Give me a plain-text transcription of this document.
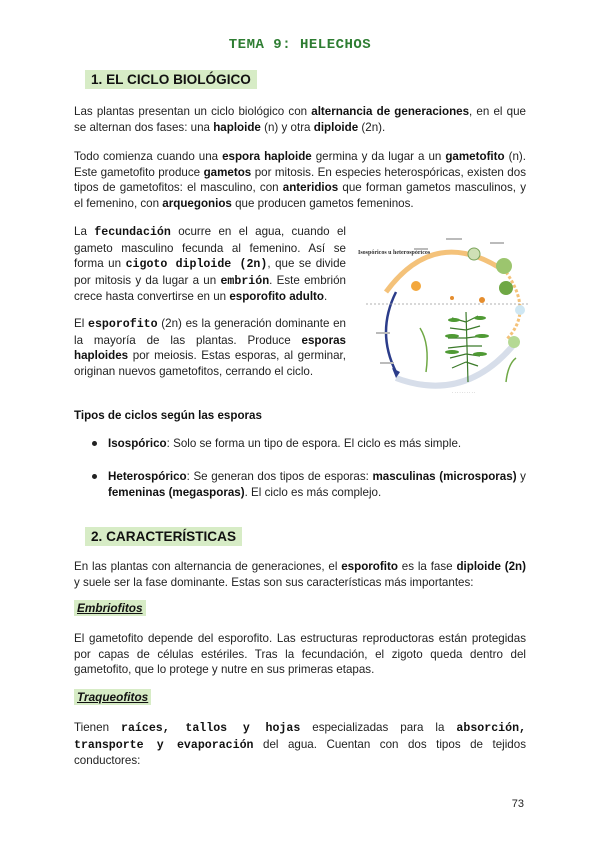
TEMA 9: HELECHOS
1. EL CICLO BIOLÓGICO

Las plantas presentan un ciclo biológico con alternancia de generaciones, en el que se alternan dos fases: una haploide (n) y otra diploide (2n).

Todo comienza cuando una espora haploide germina y da lugar a un gametofito (n). Este gametofito produce gametos por mitosis. En especies heterospóricas, existen dos tipos de gametofitos: el masculino, con anteridios que forman gametos masculinos, y el femenino, con arquegonios que producen gametos femeninos.

La fecundación ocurre en el agua, cuando el gameto masculino fecunda al femenino. Así se forma un cigoto diploide (2n), que se divide por mitosis y da lugar a un embrión. Este embrión crece hasta convertirse en un esporofito adulto.

El esporofito (2n) es la generación dominante en la mayoría de las plantas. Produce esporas haploides por meiosis. Estas esporas, al germinar, originan nuevos gametofitos, cerrando el ciclo.

Isospóricos u heterospóricos
· · · · · · · · · ·
Tipos de ciclos según las esporas

Isospórico: Solo se forma un tipo de espora. El ciclo es más simple.

Heterospórico: Se generan dos tipos de esporas: masculinas (microsporas) y femeninas (megasporas). El ciclo es más complejo.

2. CARACTERÍSTICAS

En las plantas con alternancia de generaciones, el esporofito es la fase diploide (2n) y suele ser la fase dominante. Estas son sus características más importantes:

Embriofitos

El gametofito depende del esporofito. Las estructuras reproductoras están protegidas por capas de células estériles. Tras la fecundación, el zigoto queda dentro del gametofito, que lo protege y nutre en sus primeras etapas.

Traqueofitos

Tienen raíces, tallos y hojas especializadas para la absorción, transporte y evaporación del agua. Cuentan con dos tipos de tejidos conductores:

73
